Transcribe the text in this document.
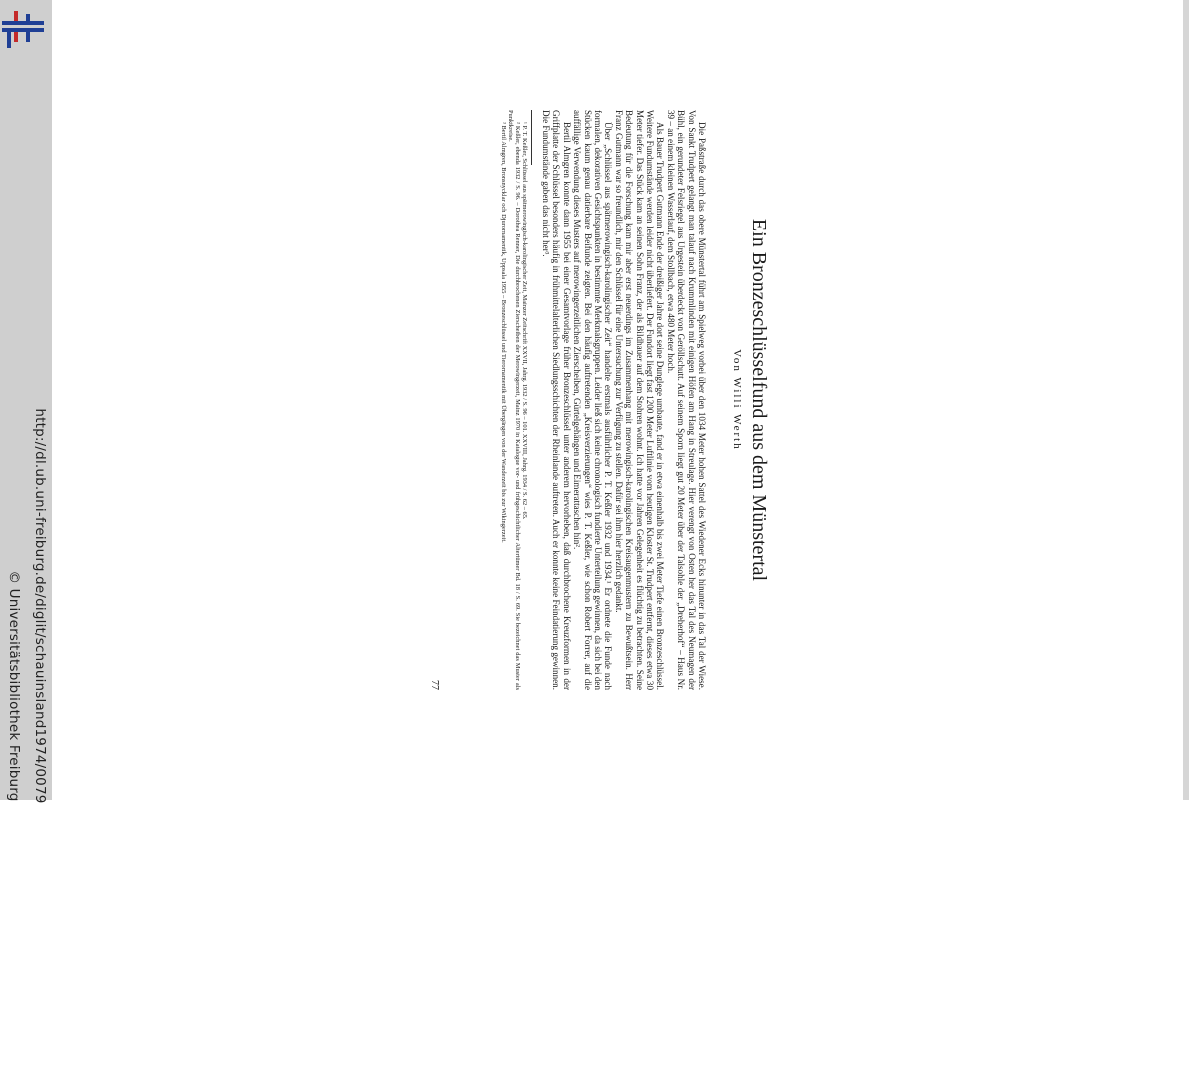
http://dl.ub.uni-freiburg.de/diglit/schauinsland1974/0079
© Universitätsbibliothek Freiburg
Ein Bronzeschlüsselfund aus dem Münstertal
Von Willi Werth

Die Paßstraße durch das obere Münstertal führt am Spielweg vorbei über den 1034 Meter hohen Sattel des Wiedener Ecks hinunter in das Tal der Wiese. Von Sankt Trudpert gelangt man talauf nach Krummlinden mit einigen Höfen am Hang in Streulage. Hier verengt von Osten her das Tal des Neumagen der Bühl, ein gerundeter Felsriegel aus Urgestein überdeckt von Geröllschutt. Auf seinem Sporn liegt gut 20 Meter über der Talsohle der „Dreherhof“ – Haus Nr. 39 – an einem kleinen Wasserlauf, dem Stollbach, etwa 480 Meter hoch.

Als Bauer Trudpert Gutmann Ende der dreißiger Jahre dort seine Dunglege umbaute, fand er in etwa einenhalb bis zwei Meter Tiefe einen Bronzeschlüssel. Weitere Fundumstände werden leider nicht überliefert. Der Fundort liegt fast 1200 Meter Luftlinie vom heutigen Kloster St. Trudpert entfernt, dieses etwa 30 Meter tiefer. Das Stück kam an seinen Sohn Franz, der als Bildhauer auf dem Stohren wohnt. Ich hatte vor Jahren Gelegenheit es flüchtig zu betrachten. Seine Bedeutung für die Forschung kam mir aber erst neuerdings im Zusammenhang mit merowingisch-karolingischen Kreisaugenmustern zu Bewußtsein. Herr Franz Gutmann war so freundlich, mir den Schlüssel für eine Untersuchung zur Verfügung zu stellen. Dafür sei ihm hier herzlich gedankt.

Über „Schlüssel aus spätmerowingisch-karolingischer Zeit“ handelte erstmals ausführlicher P. T. Keßler 1932 und 1934.¹ Er ordnete die Funde nach formalen, dekorativen Gesichtspunkten in bestimmte Merkmalsgruppen. Leider ließ sich keine chronologisch fundierte Unterteilung gewinnen, da sich bei den Stücken kaum genau datierbare Beifunde zeigten. Bei den häufig auftretenden „Kreisverzierungen“ wies P. T. Keßler, wie schon Robert Forrer, auf die auffällige Verwendung dieses Musters auf merowingerzeitlichen Zierscheiben, Gürtelgehängen und Eimerattaschen hin².

Bertil Almgren konnte dann 1955 bei einer Gesamtvorlage früher Bronzeschlüssel unter anderem hervorheben, daß durchbrochene Kreuzformen in der Griffplatte der Schlüssel besonders häufig in frühmittelalterlichen Siedlungsschichten der Rheinlande auftreten. Auch er konnte keine Feindatierung gewinnen. Die Fundumstände gaben das nicht her³.

¹ P. T. Keßler, Schlüssel aus spätmerowingisch-karolingischer Zeit, Mainzer Zeitschrift XXVII, Jahrg. 1932 / S. 96 – 101. XXVIII, Jahrg. 1934 / S. 62 – 65.

² Keßler, ebenda 1932 / S. 96. – Dorothea Renner, Die durchbrochenen Zierscheiben der Merowingerzeit, Mainz 1970 in Katalogue vor- und frühgeschichtlicher Altertümer Bd. 18 / S. 69. Sie bezeichnet das Muster als Punktkreise.

³ Bertil Almgren, Bronsnycklar och Djurornamentik, Uppsala 1955 – Bronzeschlüssel und Tierornamentik mit Übergängen von der Wanderzeit bis zur Wikingerzeit.

77
